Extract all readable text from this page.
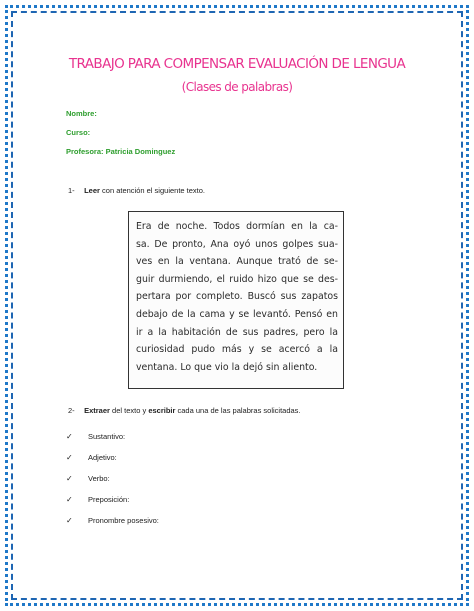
TRABAJO PARA COMPENSAR EVALUACIÓN DE LENGUA
(Clases de palabras)
Nombre:
Curso:
Profesora: Patricia Dominguez
1- Leer con atención el siguiente texto.
Era de noche. Todos dormían en la ca-
sa. De pronto, Ana oyó unos golpes sua-
ves en la ventana. Aunque trató de se-
guir durmiendo, el ruido hizo que se des-
pertara por completo. Buscó sus zapatos
debajo de la cama y se levantó. Pensó en
ir a la habitación de sus padres, pero la
curiosidad pudo más y se acercó a la
ventana. Lo que vio la dejó sin aliento.
2- Extraer del texto y escribir cada una de las palabras solicitadas.
✓ Sustantivo:
✓ Adjetivo:
✓ Verbo:
✓ Preposición:
✓ Pronombre posesivo:
